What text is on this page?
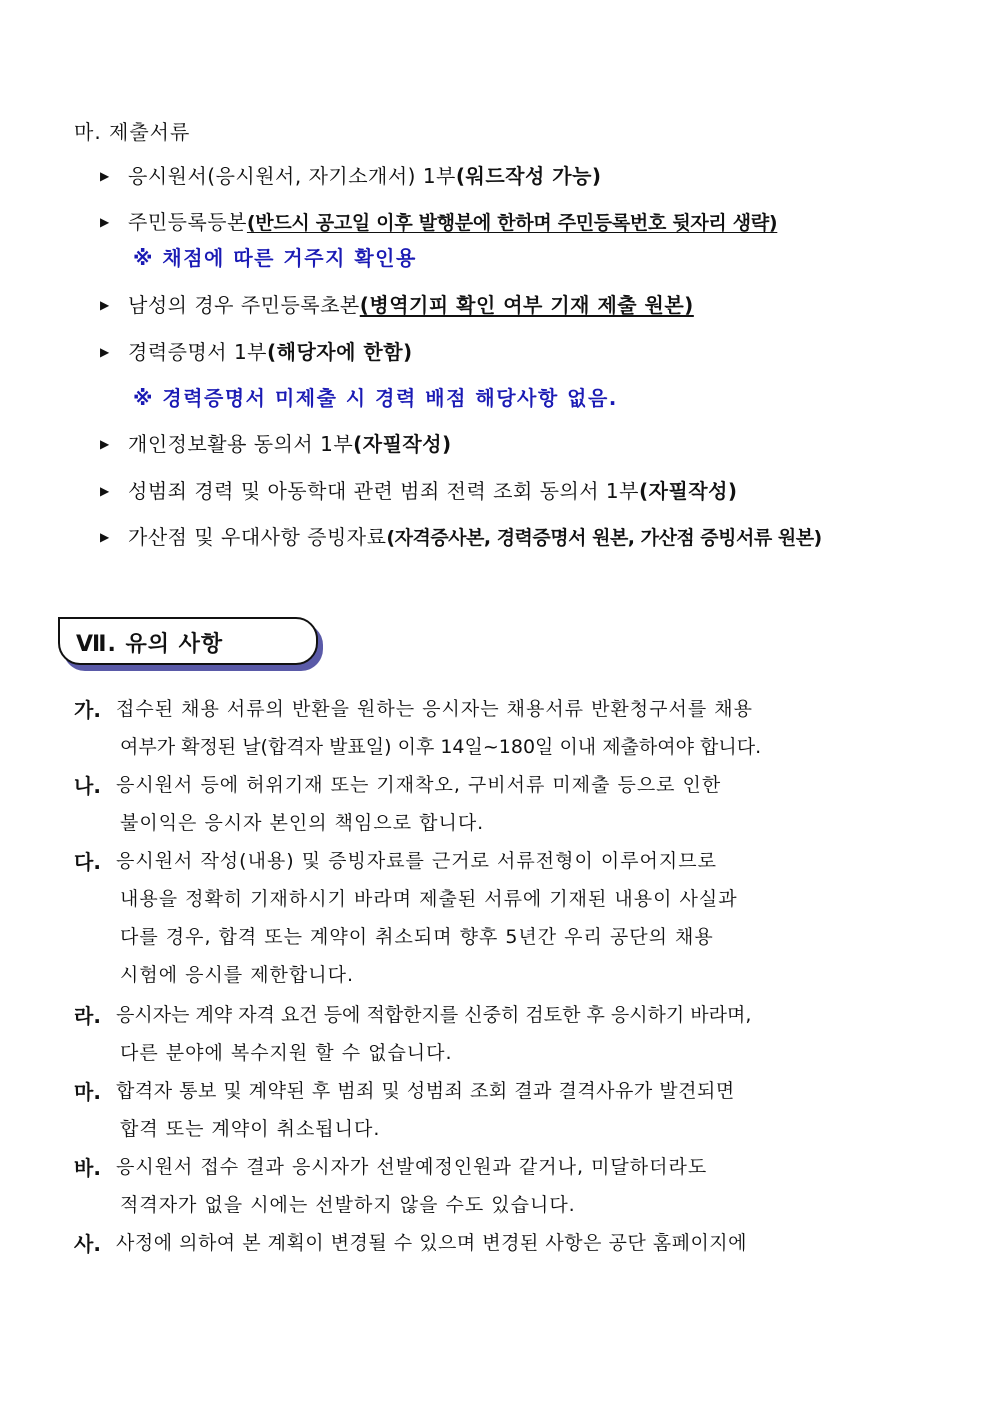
마. 제출서류
▶ 응시원서(응시원서, 자기소개서) 1부(워드작성 가능)
▶ 주민등록등본(반드시 공고일 이후 발행분에 한하며 주민등록번호 뒷자리 생략)
※ 채점에 따른 거주지 확인용
▶ 남성의 경우 주민등록초본(병역기피 확인 여부 기재 제출 원본)
▶ 경력증명서 1부(해당자에 한함)
※ 경력증명서 미제출 시 경력 배점 해당사항 없음.
▶ 개인정보활용 동의서 1부(자필작성)
▶ 성범죄 경력 및 아동학대 관련 범죄 전력 조회 동의서 1부(자필작성)
▶ 가산점 및 우대사항 증빙자료(자격증사본, 경력증명서 원본, 가산점 증빙서류 원본)
Ⅶ. 유의 사항
가. 접수된 채용 서류의 반환을 원하는 응시자는 채용서류 반환청구서를 채용
여부가 확정된 날(합격자 발표일) 이후 14일~180일 이내 제출하여야 합니다.
나. 응시원서 등에 허위기재 또는 기재착오, 구비서류 미제출 등으로 인한
불이익은 응시자 본인의 책임으로 합니다.
다. 응시원서 작성(내용) 및 증빙자료를 근거로 서류전형이 이루어지므로
내용을 정확히 기재하시기 바라며 제출된 서류에 기재된 내용이 사실과
다를 경우, 합격 또는 계약이 취소되며 향후 5년간 우리 공단의 채용
시험에 응시를 제한합니다.
라. 응시자는 계약 자격 요건 등에 적합한지를 신중히 검토한 후 응시하기 바라며,
다른 분야에 복수지원 할 수 없습니다.
마. 합격자 통보 및 계약된 후 범죄 및 성범죄 조회 결과 결격사유가 발견되면
합격 또는 계약이 취소됩니다.
바. 응시원서 접수 결과 응시자가 선발예정인원과 같거나, 미달하더라도
적격자가 없을 시에는 선발하지 않을 수도 있습니다.
사. 사정에 의하여 본 계획이 변경될 수 있으며 변경된 사항은 공단 홈페이지에
